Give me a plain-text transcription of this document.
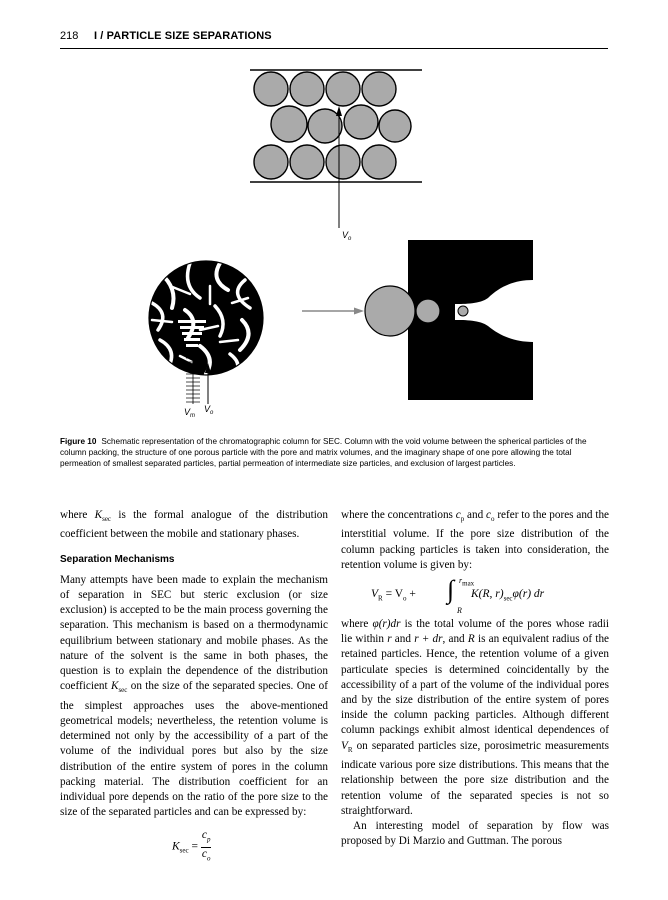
218 I / PARTICLE SIZE SEPARATIONS
$V_o$
$V_m$
$V_o$
Figure 10 Schematic representation of the chromatographic column for SEC. Column with the void volume between the spherical particles of the column packing, the structure of one porous particle with the pore and matrix volumes, and the imaginary shape of one pore allowing the total permeation of smallest separated particles, partial permeation of intermediate size particles, and exclusion of largest particles.

where $K_{sec}$ is the formal analogue of the distribution coefficient between the mobile and stationary phases.

Separation Mechanisms

Many attempts have been made to explain the mechanism of separation in SEC but steric exclusion (or size exclusion) is accepted to be the main process governing the separation. This mechanism is based on a thermodynamic equilibrium between stationary and mobile phases. As the nature of the solvent is the same in both phases, the question is to explain the dependence of the distribution coefficient $K_{sec}$ on the size of the separated species. One of the simplest approaches uses the above-mentioned geometrical models; nevertheless, the retention volume is determined not only by the accessibility of a part of the volume of the individual pores but also by the size distribution of the entire system of pores in the column packing material. The distribution coefficient for an individual pore depends on the ratio of the pore size to the size of the separated particles and can be expressed by:

$K_{sec} = \frac{c_p}{c_o}$

where the concentrations $c_p$ and $c_o$ refer to the pores and the interstitial volume. If the pore size distribution of the column packing particles is taken into consideration, the retention volume is given by:

$V_R = V_o$ + ∫ $r_{max}$
R
K(R, $r)_{sec}\varphi(r)$ dr

where φ(r)dr is the total volume of the pores whose radii lie within r and r + dr, and R is an equivalent radius of the retained particles. Hence, the retention volume of a given particulate species is determined coincidentally by the accessibility of a part of the volume of the individual pores and by the size distribution of the entire system of pores inside the column packing particles. Although different column packings exhibit almost identical dependences of $V_R$ on separated particles size, porosimetric measurements indicate various pore size distributions. This means that the relationship between the pore size distribution and the retention volume of the separated species is not so straightforward.

An interesting model of separation by flow was proposed by Di Marzio and Guttman. The porous
